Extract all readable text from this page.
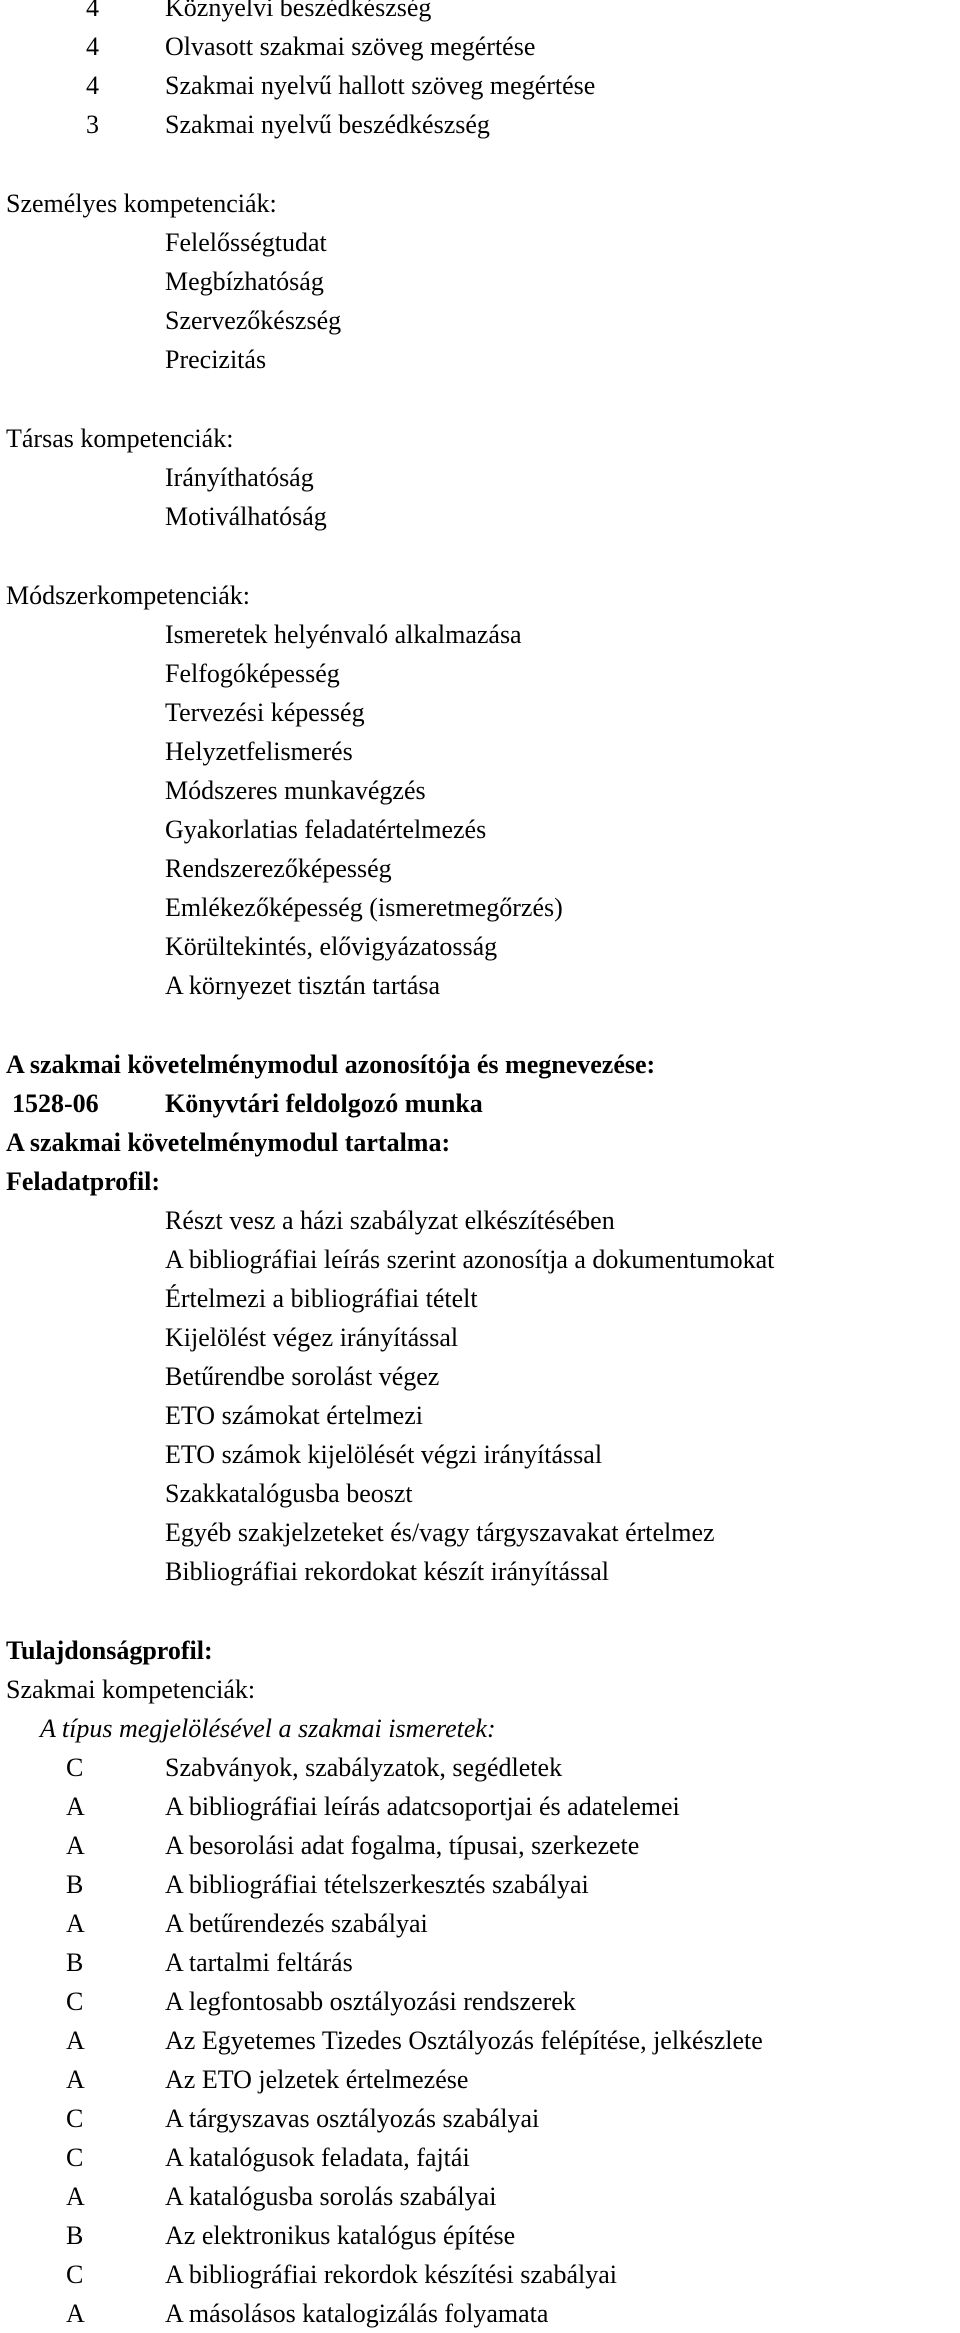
4	Köznyelvi beszédkészség
4	Olvasott szakmai szöveg megértése
4	Szakmai nyelvű hallott szöveg megértése
3	Szakmai nyelvű beszédkészség
Személyes kompetenciák:
Felelősségtudat
Megbízhatóság
Szervezőkészség
Precizitás
Társas kompetenciák:
Irányíthatóság
Motiválhatóság
Módszerkompetenciák:
Ismeretek helyénvaló alkalmazása
Felfogóképesség
Tervezési képesség
Helyzetfelismerés
Módszeres munkavégzés
Gyakorlatias feladatértelmezés
Rendszerezőképesség
Emlékezőképesség (ismeretmegőrzés)
Körültekintés, elővigyázatosság
A környezet tisztán tartása
A szakmai követelménymodul azonosítója és megnevezése:
1528-06	Könyvtári feldolgozó munka
A szakmai követelménymodul tartalma:
Feladatprofil:
Részt vesz a házi szabályzat elkészítésében
A bibliográfiai leírás szerint azonosítja a dokumentumokat
Értelmezi a bibliográfiai tételt
Kijelölést végez irányítással
Betűrendbe sorolást végez
ETO számokat értelmezi
ETO számok kijelölését végzi irányítással
Szakkatalógusba beoszt
Egyéb szakjelzeteket és/vagy tárgyszavakat értelmez
Bibliográfiai rekordokat készít irányítással
Tulajdonságprofil:
Szakmai kompetenciák:
A típus megjelölésével a szakmai ismeretek:
C	Szabványok, szabályzatok, segédletek
A	A bibliográfiai leírás adatcsoportjai és adatelemei
A	A besorolási adat fogalma, típusai, szerkezete
B	A bibliográfiai tételszerkesztés szabályai
A	A betűrendezés szabályai
B	A tartalmi feltárás
C	A legfontosabb osztályozási rendszerek
A	Az Egyetemes Tizedes Osztályozás felépítése, jelkészlete
A	Az ETO jelzetek értelmezése
C	A tárgyszavas osztályozás szabályai
C	A katalógusok feladata, fajtái
A	A katalógusba sorolás szabályai
B	Az elektronikus katalógus építése
C	A bibliográfiai rekordok készítési szabályai
A	A másolásos katalogizálás folyamata
